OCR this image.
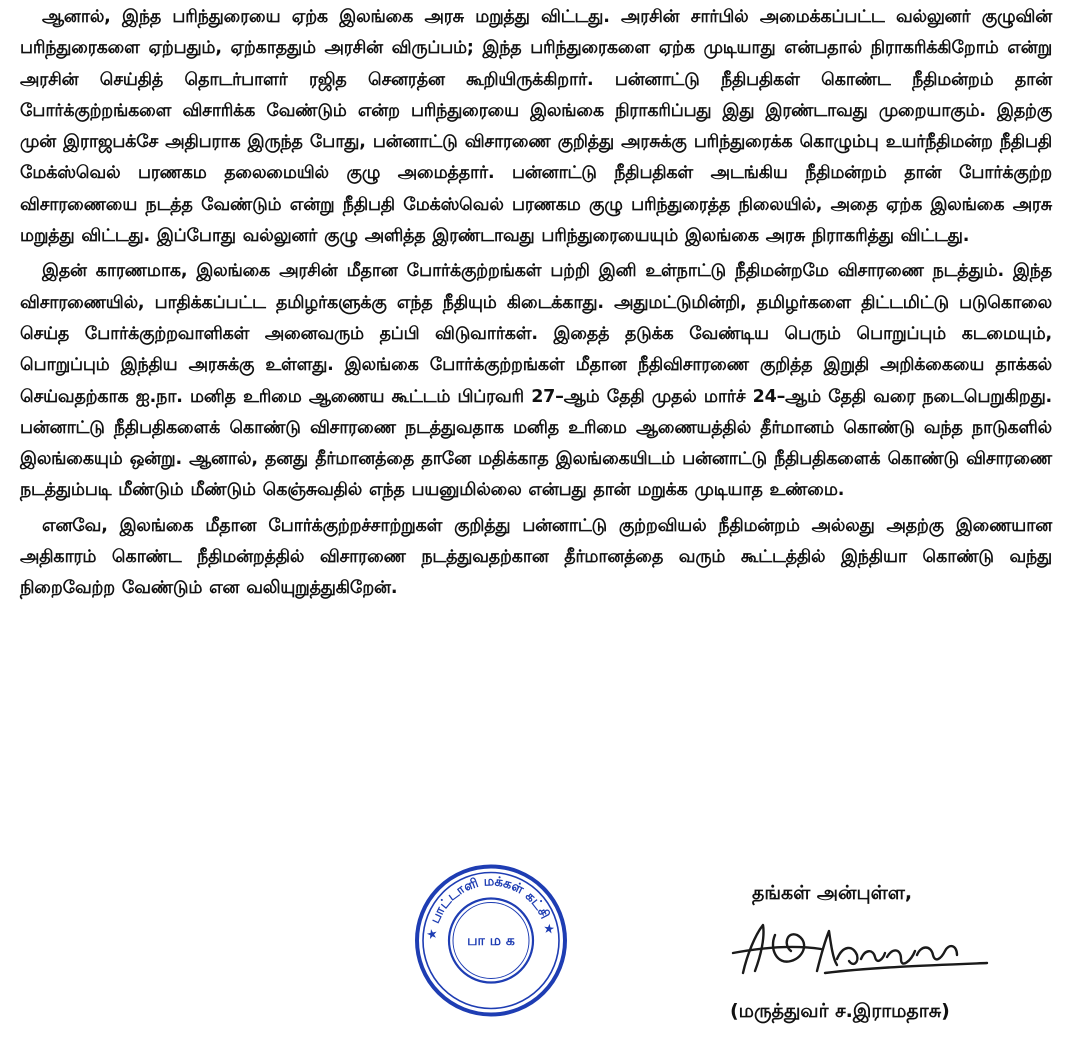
ஆனால், இந்த பரிந்துரையை ஏற்க இலங்கை அரசு மறுத்து விட்டது. அரசின் சார்பில் அமைக்கப்பட்ட வல்லுனர் குழுவின் பரிந்துரைகளை ஏற்பதும், ஏற்காததும் அரசின் விருப்பம்; இந்த பரிந்துரைகளை ஏற்க முடியாது என்பதால் நிராகரிக்கிறோம் என்று அரசின் செய்தித் தொடர்பாளர் ரஜித செனரத்ன கூறியிருக்கிறார். பன்னாட்டு நீதிபதிகள் கொண்ட நீதிமன்றம் தான் போர்க்குற்றங்களை விசாரிக்க வேண்டும் என்ற பரிந்துரையை இலங்கை நிராகரிப்பது இது இரண்டாவது முறையாகும். இதற்கு முன் இராஜபக்சே அதிபராக இருந்த போது, பன்னாட்டு விசாரணை குறித்து அரசுக்கு பரிந்துரைக்க கொழும்பு உயர்நீதிமன்ற நீதிபதி மேக்ஸ்வெல் பரணகம தலைமையில் குழு அமைத்தார். பன்னாட்டு நீதிபதிகள் அடங்கிய நீதிமன்றம் தான் போர்க்குற்ற விசாரணையை நடத்த வேண்டும் என்று நீதிபதி மேக்ஸ்வெல் பரணகம குழு பரிந்துரைத்த நிலையில், அதை ஏற்க இலங்கை அரசு மறுத்து விட்டது. இப்போது வல்லுனர் குழு அளித்த இரண்டாவது பரிந்துரையையும் இலங்கை அரசு நிராகரித்து விட்டது.

இதன் காரணமாக, இலங்கை அரசின் மீதான போர்க்குற்றங்கள் பற்றி இனி உள்நாட்டு நீதிமன்றமே விசாரணை நடத்தும். இந்த விசாரணையில், பாதிக்கப்பட்ட தமிழர்களுக்கு எந்த நீதியும் கிடைக்காது. அதுமட்டுமின்றி, தமிழர்களை திட்டமிட்டு படுகொலை செய்த போர்க்குற்றவாளிகள் அனைவரும் தப்பி விடுவார்கள். இதைத் தடுக்க வேண்டிய பெரும் பொறுப்பும் கடமையும், பொறுப்பும் இந்திய அரசுக்கு உள்ளது. இலங்கை போர்க்குற்றங்கள் மீதான நீதிவிசாரணை குறித்த இறுதி அறிக்கையை தாக்கல் செய்வதற்காக ஐ.நா. மனித உரிமை ஆணைய கூட்டம் பிப்ரவரி 27–ஆம் தேதி முதல் மார்ச் 24–ஆம் தேதி வரை நடைபெறுகிறது. பன்னாட்டு நீதிபதிகளைக் கொண்டு விசாரணை நடத்துவதாக மனித உரிமை ஆணையத்தில் தீர்மானம் கொண்டு வந்த நாடுகளில் இலங்கையும் ஒன்று. ஆனால், தனது தீர்மானத்தை தானே மதிக்காத இலங்கையிடம் பன்னாட்டு நீதிபதிகளைக் கொண்டு விசாரணை நடத்தும்படி மீண்டும் மீண்டும் கெஞ்சுவதில் எந்த பயனுமில்லை என்பது தான் மறுக்க முடியாத உண்மை.

எனவே, இலங்கை மீதான போர்க்குற்றச்சாற்றுகள் குறித்து பன்னாட்டு குற்றவியல் நீதிமன்றம் அல்லது அதற்கு இணையான அதிகாரம் கொண்ட நீதிமன்றத்தில் விசாரணை நடத்துவதற்கான தீர்மானத்தை வரும் கூட்டத்தில் இந்தியா கொண்டு வந்து நிறைவேற்ற வேண்டும் என வலியுறுத்துகிறேன்.

★ பாட்டாளி மக்கள் கட்சி ★
பா ம க
தங்கள் அன்புள்ள,
(மருத்துவர் ச.இராமதாசு)
